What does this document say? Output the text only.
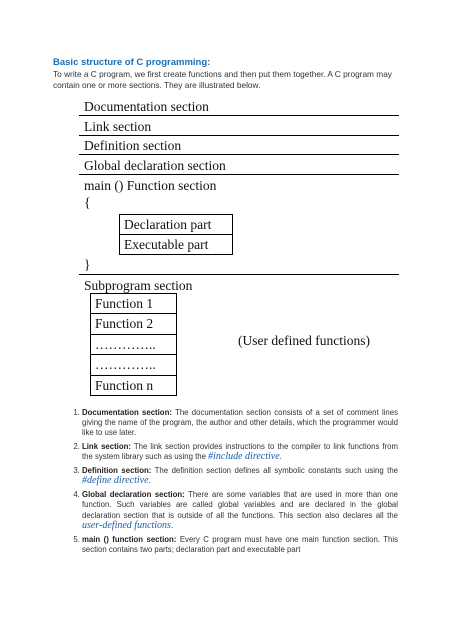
Basic structure of C programming:
To write a C program, we first create functions and then put them together. A C program may contain one or more sections. They are illustrated below.
Documentation section
Link section
Definition section
Global declaration section
main () Function section
{
Declaration part
Executable part
}
Subprogram section
Function 1
Function 2
…………..
…………..
Function n
(User defined functions)
1. Documentation section: The documentation section consists of a set of comment lines giving the name of the program, the author and other details, which the programmer would like to use later.
2. Link section: The link section provides instructions to the compiler to link functions from the system library such as using the #include directive.
3. Definition section: The definition section defines all symbolic constants such using the #define directive.
4. Global declaration section: There are some variables that are used in more than one function. Such variables are called global variables and are declared in the global declaration section that is outside of all the functions. This section also declares all the user-defined functions.
5. main () function section: Every C program must have one main function section. This section contains two parts; declaration part and executable part
